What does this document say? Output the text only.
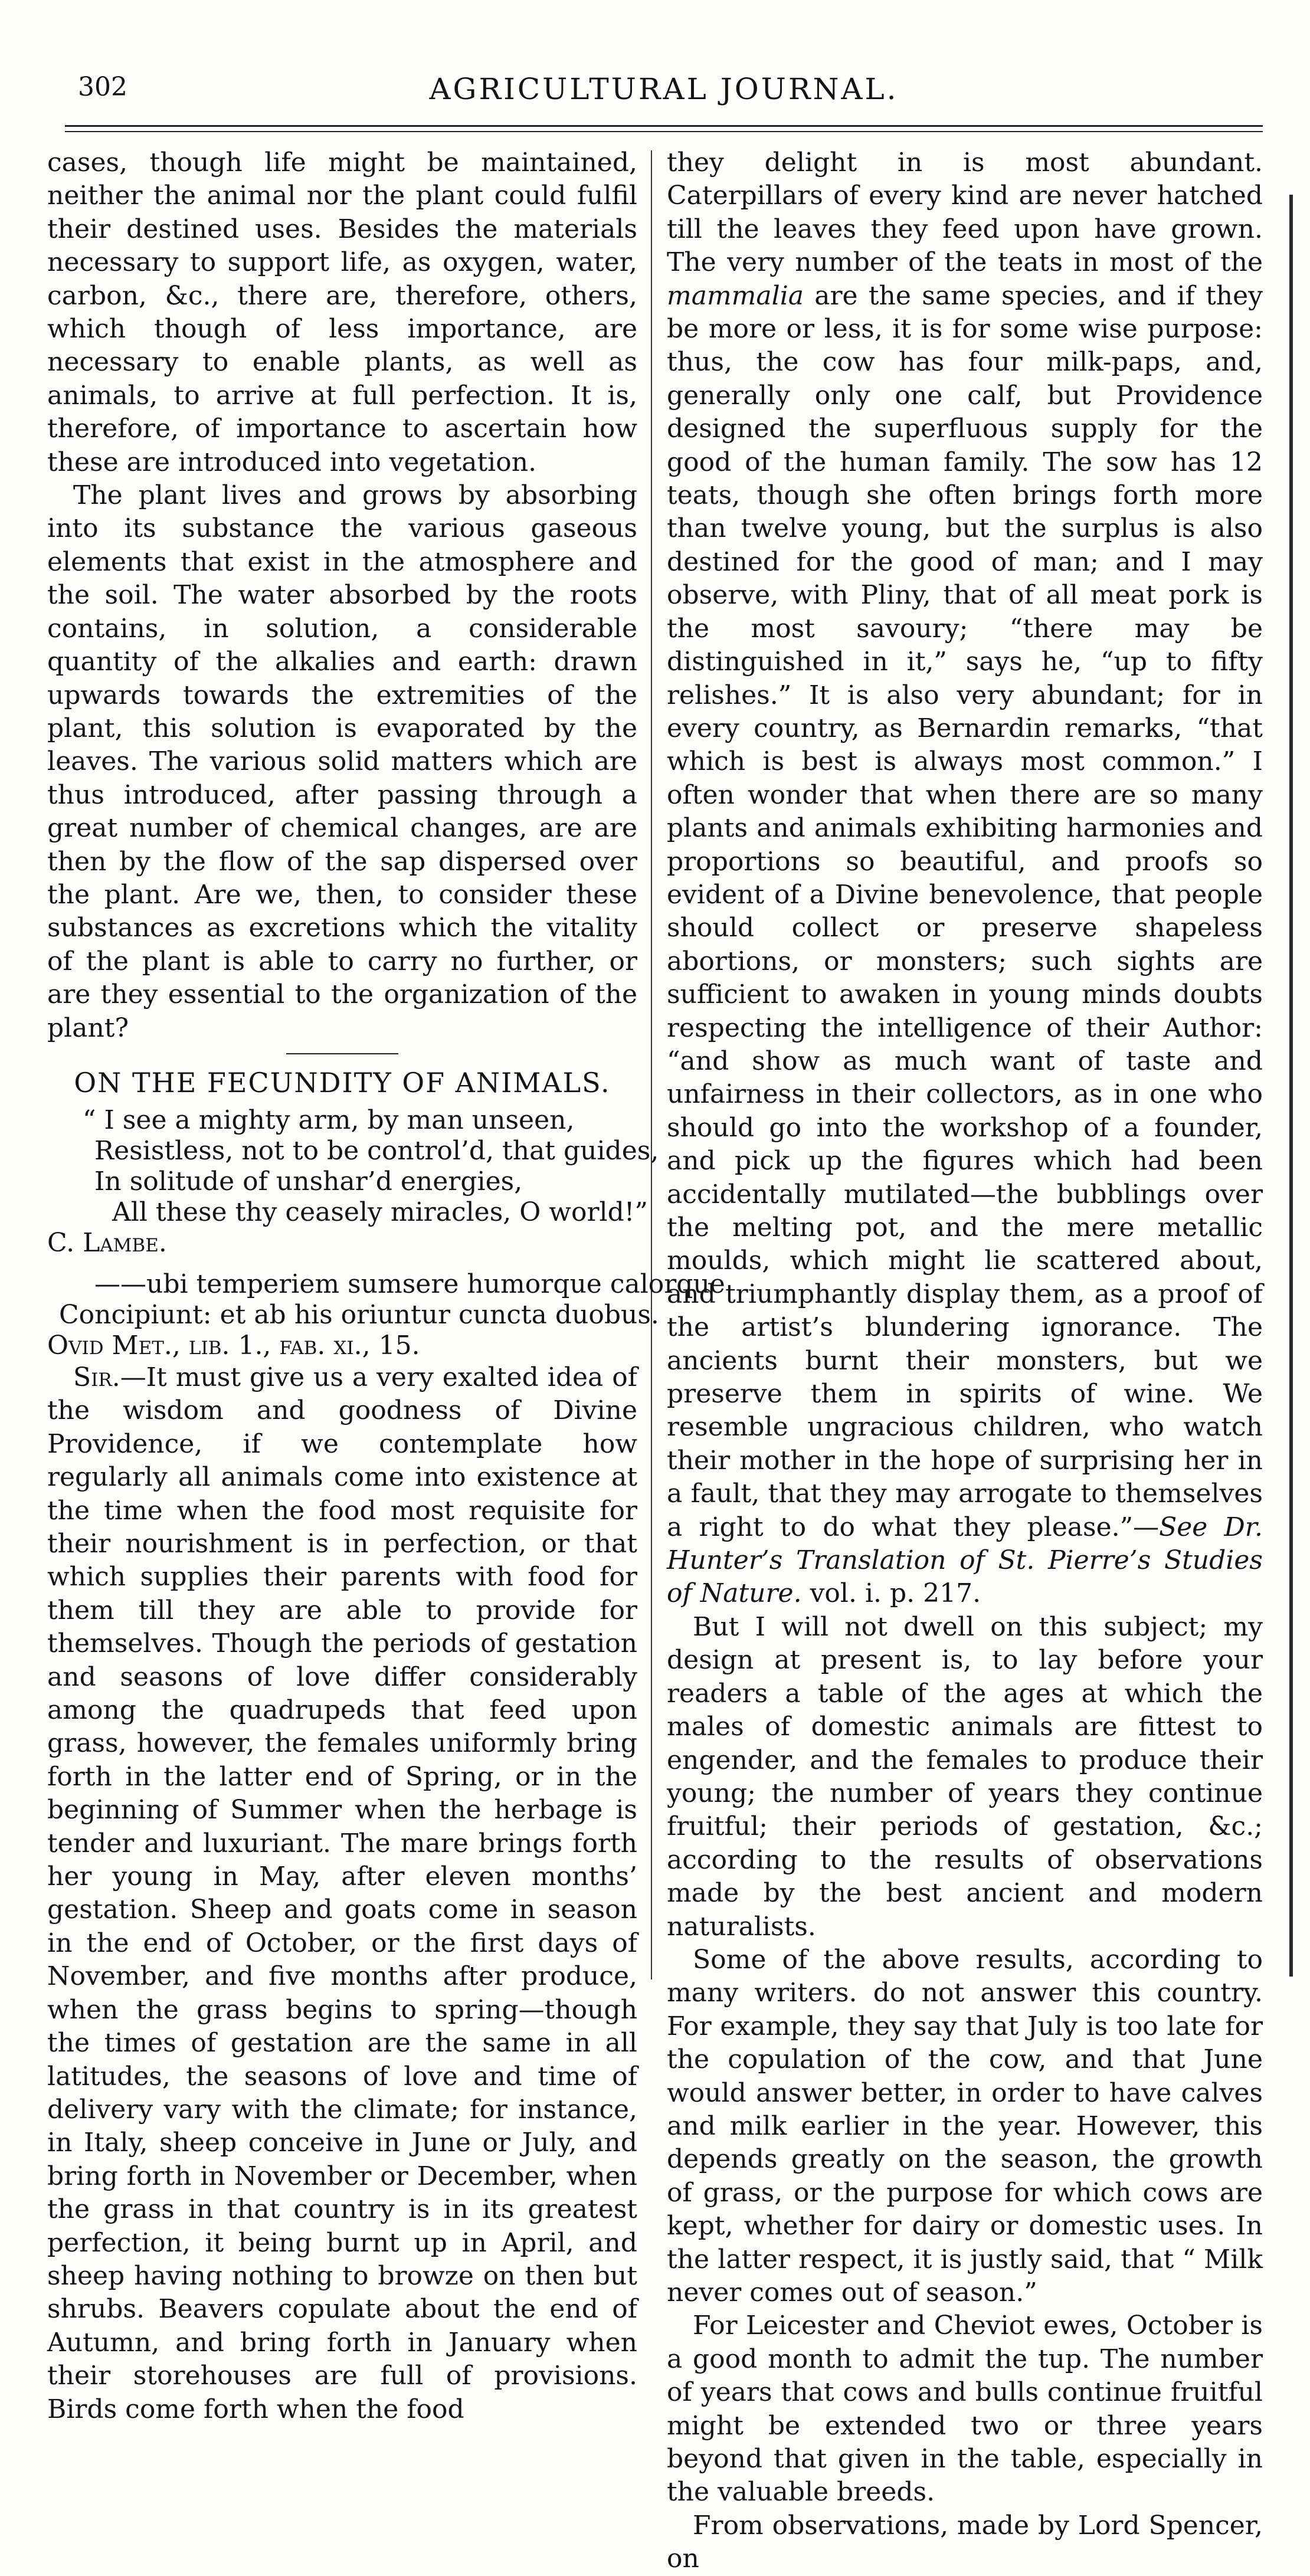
302	AGRICULTURAL JOURNAL.

cases, though life might be maintained, neither the animal nor the plant could fulfil their destined uses. Besides the materials necessary to support life, as oxygen, water, carbon, &c., there are, therefore, others, which though of less importance, are necessary to enable plants, as well as animals, to arrive at full perfection. It is, therefore, of importance to ascertain how these are introduced into vegetation.

The plant lives and grows by absorbing into its substance the various gaseous elements that exist in the atmosphere and the soil. The water absorbed by the roots contains, in solution, a considerable quantity of the alkalies and earth: drawn upwards towards the extremities of the plant, this solution is evaporated by the leaves. The various solid matters which are thus introduced, after passing through a great number of chemical changes, are are then by the flow of the sap dispersed over the plant. Are we, then, to consider these substances as excretions which the vitality of the plant is able to carry no further, or are they essential to the organization of the plant?

ON THE FECUNDITY OF ANIMALS.
“ I see a mighty arm, by man unseen,
Resistless, not to be control’d, that guides,
In solitude of unshar’d energies,
All these thy ceasely miracles, O world!”

C. Lambe.

——ubi temperiem sumsere humorque calorque
Concipiunt: et ab his oriuntur cuncta duobus.

Ovid Met., lib. 1., fab. xi., 15.

Sir.—It must give us a very exalted idea of the wisdom and goodness of Divine Providence, if we contemplate how regularly all animals come into existence at the time when the food most requisite for their nourishment is in perfection, or that which supplies their parents with food for them till they are able to provide for themselves. Though the periods of gestation and seasons of love differ considerably among the quadrupeds that feed upon grass, however, the females uniformly bring forth in the latter end of Spring, or in the beginning of Summer when the herbage is tender and luxuriant. The mare brings forth her young in May, after eleven months’ gestation. Sheep and goats come in season in the end of October, or the first days of November, and five months after produce, when the grass begins to spring—though the times of gestation are the same in all latitudes, the seasons of love and time of delivery vary with the climate; for instance, in Italy, sheep conceive in June or July, and bring forth in November or December, when the grass in that country is in its greatest perfection, it being burnt up in April, and sheep having nothing to browze on then but shrubs. Beavers copulate about the end of Autumn, and bring forth in January when their storehouses are full of provisions. Birds come forth when the food

they delight in is most abundant. Caterpillars of every kind are never hatched till the leaves they feed upon have grown. The very number of the teats in most of the mammalia are the same species, and if they be more or less, it is for some wise purpose: thus, the cow has four milk-paps, and, generally only one calf, but Providence designed the superfluous supply for the good of the human family. The sow has 12 teats, though she often brings forth more than twelve young, but the surplus is also destined for the good of man; and I may observe, with Pliny, that of all meat pork is the most savoury; “there may be distinguished in it,” says he, “up to fifty relishes.” It is also very abundant; for in every country, as Bernardin remarks, “that which is best is always most common.” I often wonder that when there are so many plants and animals exhibiting harmonies and proportions so beautiful, and proofs so evident of a Divine benevolence, that people should collect or preserve shapeless abortions, or monsters; such sights are sufficient to awaken in young minds doubts respecting the intelligence of their Author: “and show as much want of taste and unfairness in their collectors, as in one who should go into the workshop of a founder, and pick up the figures which had been accidentally mutilated—the bubblings over the melting pot, and the mere metallic moulds, which might lie scattered about, and triumphantly display them, as a proof of the artist’s blundering ignorance. The ancients burnt their monsters, but we preserve them in spirits of wine. We resemble ungracious children, who watch their mother in the hope of surprising her in a fault, that they may arrogate to themselves a right to do what they please.”—See Dr. Hunter’s Translation of St. Pierre’s Studies of Nature. vol. i. p. 217.

But I will not dwell on this subject; my design at present is, to lay before your readers a table of the ages at which the males of domestic animals are fittest to engender, and the females to produce their young; the number of years they continue fruitful; their periods of gestation, &c.; according to the results of observations made by the best ancient and modern naturalists.

Some of the above results, according to many writers. do not answer this country. For example, they say that July is too late for the copulation of the cow, and that June would answer better, in order to have calves and milk earlier in the year. However, this depends greatly on the season, the growth of grass, or the purpose for which cows are kept, whether for dairy or domestic uses. In the latter respect, it is justly said, that “ Milk never comes out of season.”

For Leicester and Cheviot ewes, October is a good month to admit the tup. The number of years that cows and bulls continue fruitful might be extended two or three years beyond that given in the table, especially in the valuable breeds.

From observations, made by Lord Spencer, on
